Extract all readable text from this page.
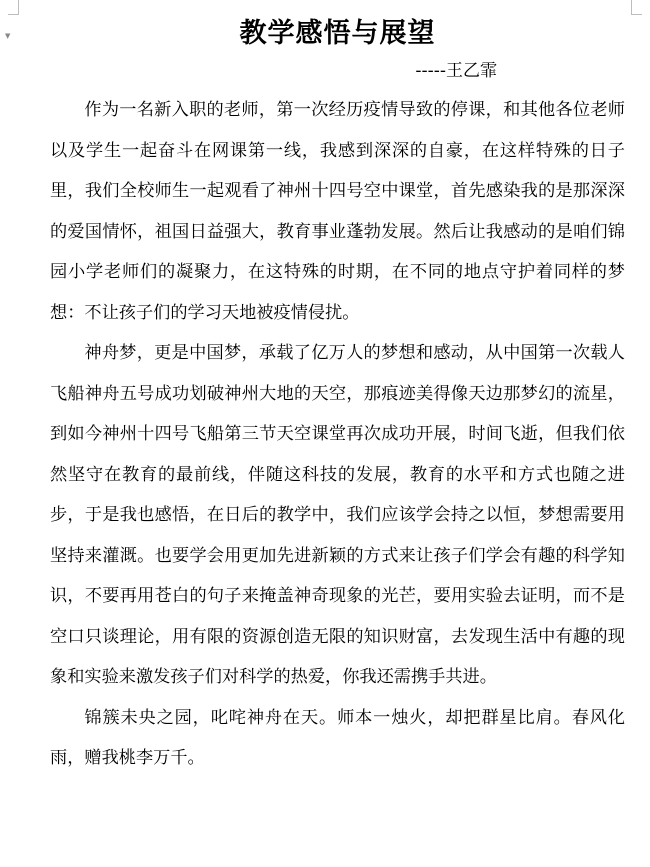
▼	教学感悟与展望

-----王乙霏

作为一名新入职的老师，第一次经历疫情导致的停课，和其他各位老师以及学生一起奋斗在网课第一线，我感到深深的自豪，在这样特殊的日子里，我们全校师生一起观看了神州十四号空中课堂，首先感染我的是那深深的爱国情怀，祖国日益强大，教育事业蓬勃发展。然后让我感动的是咱们锦园小学老师们的凝聚力，在这特殊的时期，在不同的地点守护着同样的梦想：不让孩子们的学习天地被疫情侵扰。

神舟梦，更是中国梦，承载了亿万人的梦想和感动，从中国第一次载人飞船神舟五号成功划破神州大地的天空，那痕迹美得像天边那梦幻的流星，到如今神州十四号飞船第三节天空课堂再次成功开展，时间飞逝，但我们依然坚守在教育的最前线，伴随这科技的发展，教育的水平和方式也随之进步，于是我也感悟，在日后的教学中，我们应该学会持之以恒，梦想需要用坚持来灌溉。也要学会用更加先进新颖的方式来让孩子们学会有趣的科学知识，不要再用苍白的句子来掩盖神奇现象的光芒，要用实验去证明，而不是空口只谈理论，用有限的资源创造无限的知识财富，去发现生活中有趣的现象和实验来激发孩子们对科学的热爱，你我还需携手共进。

锦簇未央之园，叱咤神舟在天。师本一烛火，却把群星比肩。春风化雨，赠我桃李万千。
